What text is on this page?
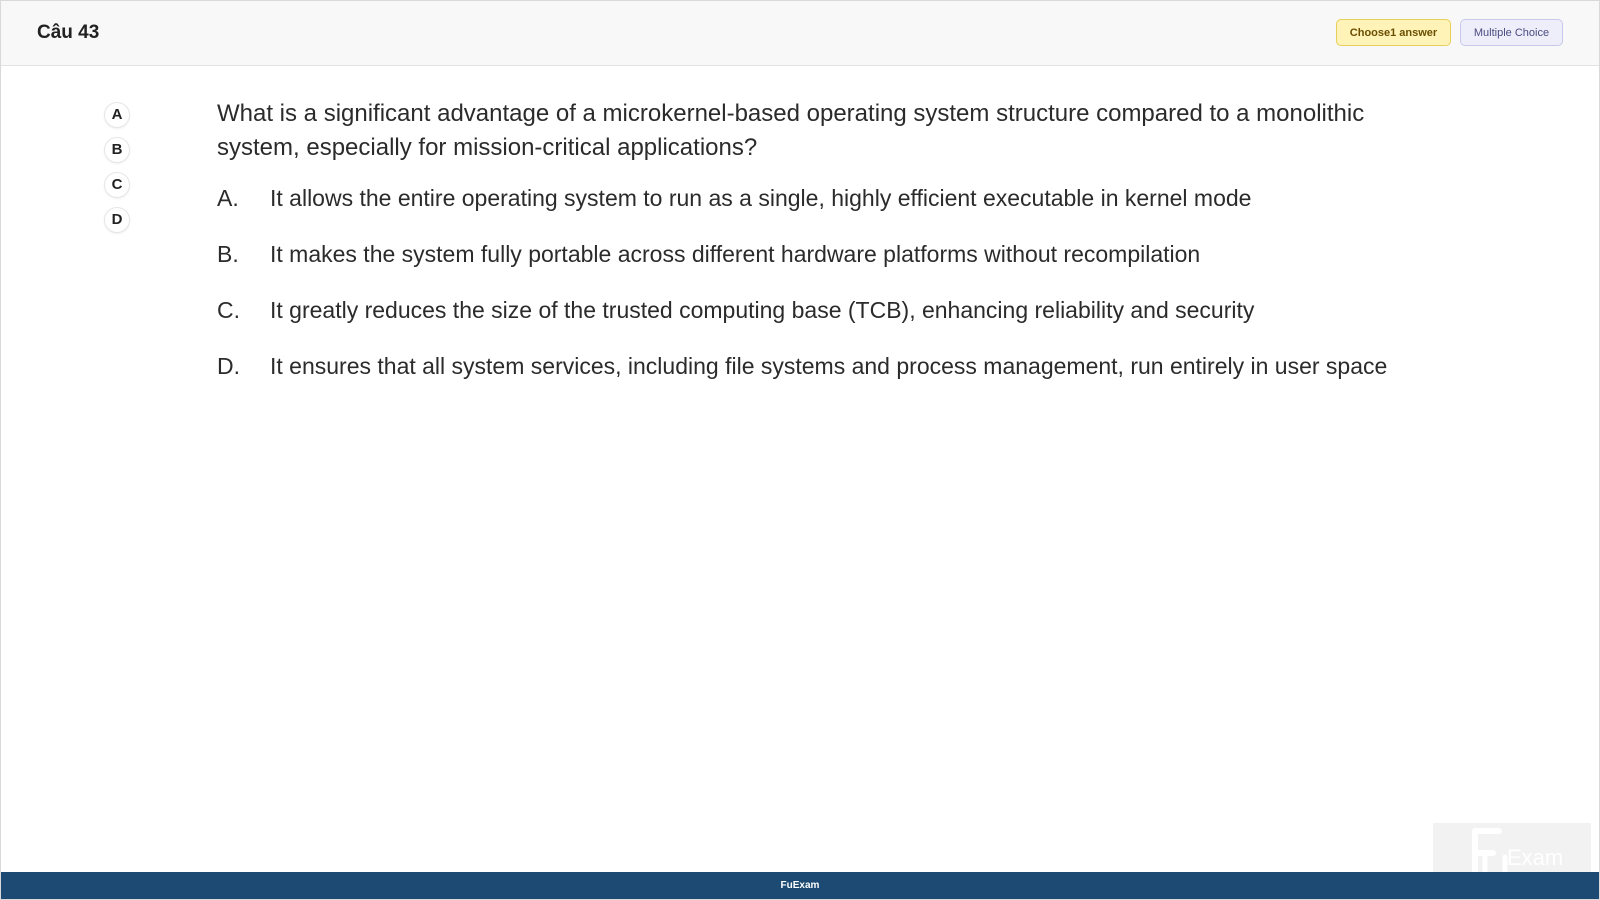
Câu 43	Choose1 answer	Multiple Choice
A
B
C
D

What is a significant advantage of a microkernel-based operating system structure compared to a monolithic system, especially for mission-critical applications?

A. It allows the entire operating system to run as a single, highly efficient executable in kernel mode
B. It makes the system fully portable across different hardware platforms without recompilation
C. It greatly reduces the size of the trusted computing base (TCB), enhancing reliability and security
D. It ensures that all system services, including file systems and process management, run entirely in user space
Exam
FuExam
